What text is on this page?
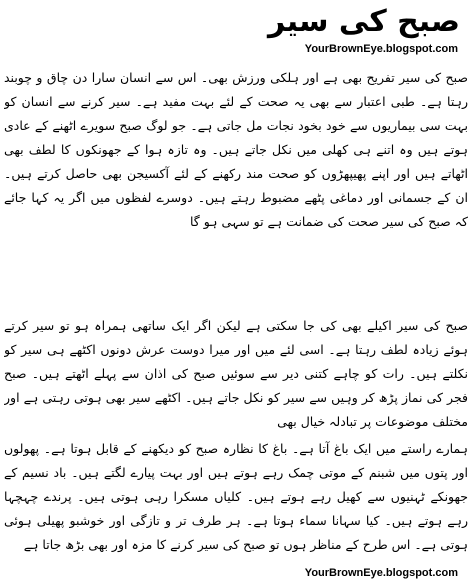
صبح کی سیر
YourBrownEye.blogspot.com
صبح کی سیر تفریح بھی ہے اور ہلکی ورزش بھی۔ اس سے انسان سارا دن چاق و چوبند رہتا ہے۔ طبی اعتبار سے بھی یہ صحت کے لئے بہت مفید ہے۔ سیر کرنے سے انسان کو بہت سی بیماریوں سے خود بخود نجات مل جاتی ہے۔ جو لوگ صبح سویرے اٹھنے کے عادی ہوتے ہیں وہ اتنے ہی کھلی میں نکل جاتے ہیں۔ وہ تازہ ہوا کے جھونکوں کا لطف بھی اٹھاتے ہیں اور اپنے پھیپھڑوں کو صحت مند رکھنے کے لئے آکسیجن بھی حاصل کرتے ہیں۔ ان کے جسمانی اور دماغی پٹھے مضبوط رہتے ہیں۔ دوسرے لفظوں میں اگر یہ کہا جائے کہ صبح کی سیر صحت کی ضمانت ہے تو سہی ہو گا
صبح کی سیر اکیلے بھی کی جا سکتی ہے لیکن اگر ایک ساتھی ہمراہ ہو تو سیر کرتے ہوئے زیادہ لطف رہتا ہے۔ اسی لئے میں اور میرا دوست عرش دونوں اکٹھے ہی سیر کو نکلتے ہیں۔ رات کو چاہے کتنی دیر سے سوئیں صبح کی اذان سے پہلے اٹھتے ہیں۔ صبح فجر کی نماز پڑھ کر وہیں سے سیر کو نکل جاتے ہیں۔ اکٹھے سیر بھی ہوتی رہتی ہے اور مختلف موضوعات پر تبادلہ خیال بھی
ہمارے راستے میں ایک باغ آتا ہے۔ باغ کا نظارہ صبح کو دیکھنے کے قابل ہوتا ہے۔ پھولوں اور پتوں میں شبنم کے موتی چمک رہے ہوتے ہیں اور بہت پیارے لگتے ہیں۔ باد نسیم کے جھونکے ٹہنیوں سے کھیل رہے ہوتے ہیں۔ کلیاں مسکرا رہی ہوتی ہیں۔ پرندے چہچہا رہے ہوتے ہیں۔ کیا سہانا سماء ہوتا ہے۔ ہر طرف تر و تازگی اور خوشبو پھیلی ہوئی ہوتی ہے۔ اس طرح کے مناظر ہوں تو صبح کی سیر کرنے کا مزہ اور بھی بڑھ جاتا ہے
YourBrownEye.blogspot.com
